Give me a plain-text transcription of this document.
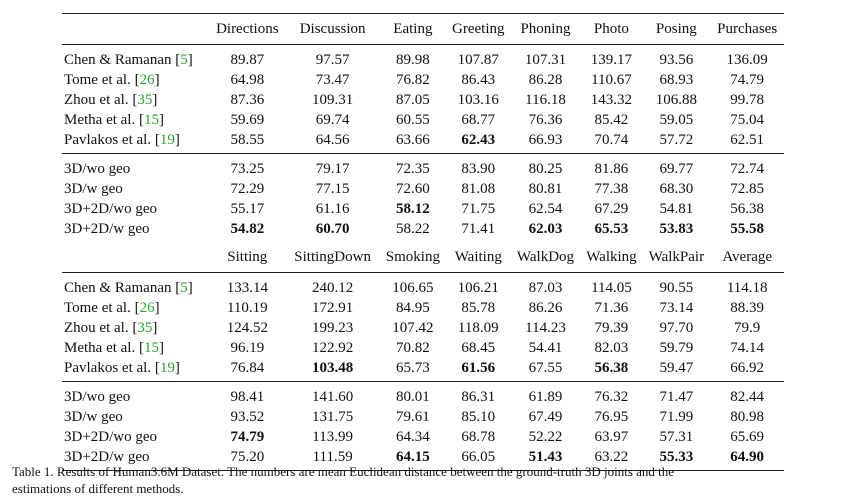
	Directions	Discussion	Eating	Greeting	Phoning	Photo	Posing	Purchases
Chen & Ramanan [5]	89.87	97.57	89.98	107.87	107.31	139.17	93.56	136.09
Tome et al. [26]	64.98	73.47	76.82	86.43	86.28	110.67	68.93	74.79
Zhou et al. [35]	87.36	109.31	87.05	103.16	116.18	143.32	106.88	99.78
Metha et al. [15]	59.69	69.74	60.55	68.77	76.36	85.42	59.05	75.04
Pavlakos et al. [19]	58.55	64.56	63.66	62.43	66.93	70.74	57.72	62.51
3D/wo geo	73.25	79.17	72.35	83.90	80.25	81.86	69.77	72.74
3D/w geo	72.29	77.15	72.60	81.08	80.81	77.38	68.30	72.85
3D+2D/wo geo	55.17	61.16	58.12	71.75	62.54	67.29	54.81	56.38
3D+2D/w geo	54.82	60.70	58.22	71.41	62.03	65.53	53.83	55.58
	Sitting	SittingDown	Smoking	Waiting	WalkDog	Walking	WalkPair	Average
Chen & Ramanan [5]	133.14	240.12	106.65	106.21	87.03	114.05	90.55	114.18
Tome et al. [26]	110.19	172.91	84.95	85.78	86.26	71.36	73.14	88.39
Zhou et al. [35]	124.52	199.23	107.42	118.09	114.23	79.39	97.70	79.9
Metha et al. [15]	96.19	122.92	70.82	68.45	54.41	82.03	59.79	74.14
Pavlakos et al. [19]	76.84	103.48	65.73	61.56	67.55	56.38	59.47	66.92
3D/wo geo	98.41	141.60	80.01	86.31	61.89	76.32	71.47	82.44
3D/w geo	93.52	131.75	79.61	85.10	67.49	76.95	71.99	80.98
3D+2D/wo geo	74.79	113.99	64.34	68.78	52.22	63.97	57.31	65.69
3D+2D/w geo	75.20	111.59	64.15	66.05	51.43	63.22	55.33	64.90
Table 1. Results of Human3.6M Dataset. The numbers are mean Euclidean distance between the ground-truth 3D joints and the
estimations of different methods.
